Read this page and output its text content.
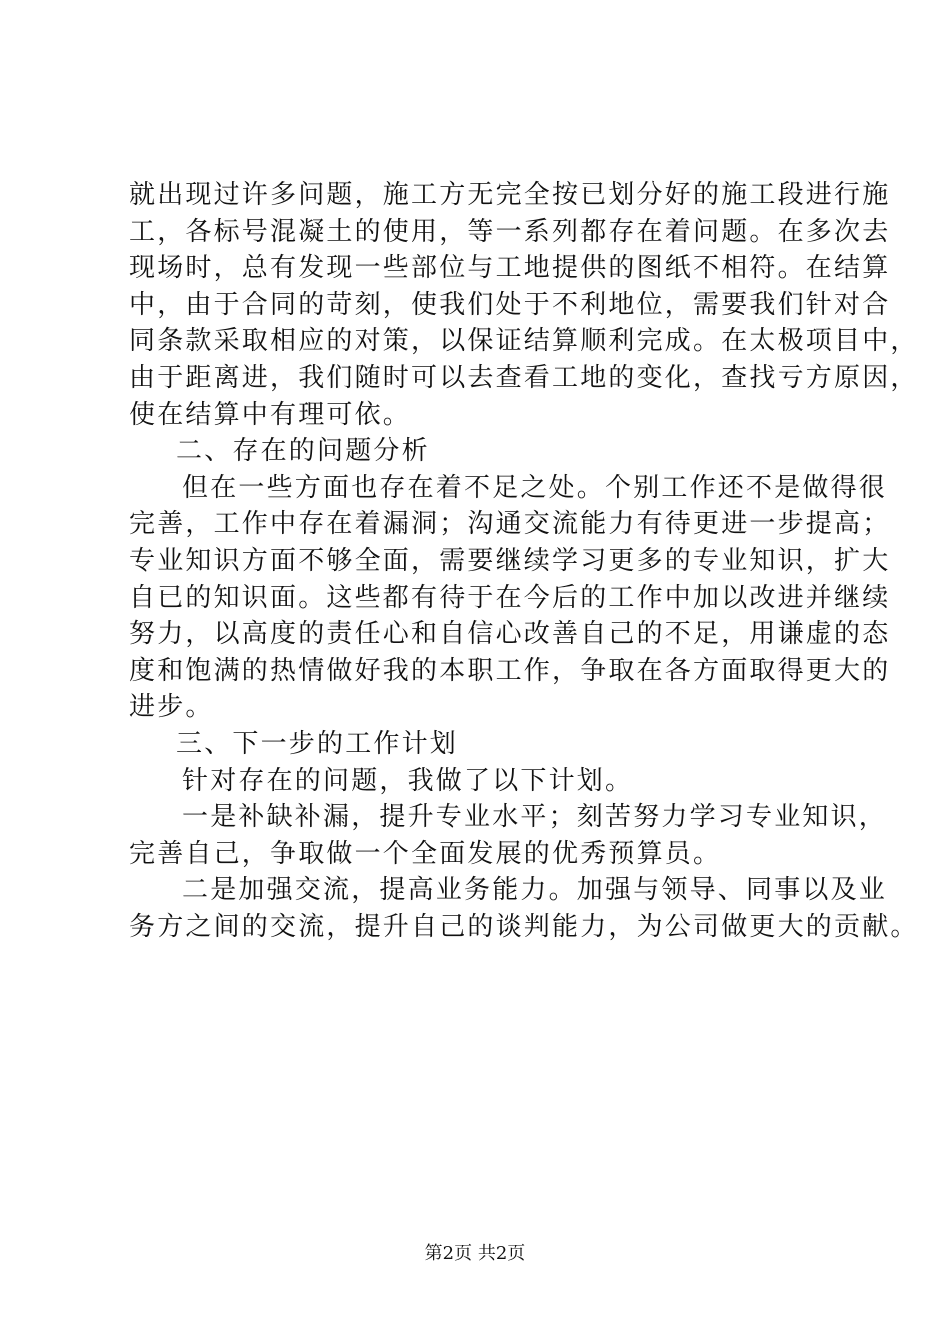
就出现过许多问题，施工方无完全按已划分好的施工段进行施
工，各标号混凝土的使用，等一系列都存在着问题。在多次去
现场时，总有发现一些部位与工地提供的图纸不相符。在结算
中，由于合同的苛刻，使我们处于不利地位，需要我们针对合
同条款采取相应的对策，以保证结算顺利完成。在太极项目中，
由于距离进，我们随时可以去查看工地的变化，查找亏方原因，
使在结算中有理可依。
二、存在的问题分析
但在一些方面也存在着不足之处。个别工作还不是做得很
完善，工作中存在着漏洞；沟通交流能力有待更进一步提高；
专业知识方面不够全面，需要继续学习更多的专业知识，扩大
自已的知识面。这些都有待于在今后的工作中加以改进并继续
努力，以高度的责任心和自信心改善自己的不足，用谦虚的态
度和饱满的热情做好我的本职工作，争取在各方面取得更大的
进步。
三、下一步的工作计划
针对存在的问题，我做了以下计划。
一是补缺补漏，提升专业水平；刻苦努力学习专业知识，
完善自己，争取做一个全面发展的优秀预算员。
二是加强交流，提高业务能力。加强与领导、同事以及业
务方之间的交流，提升自己的谈判能力，为公司做更大的贡献。
第2页 共2页
